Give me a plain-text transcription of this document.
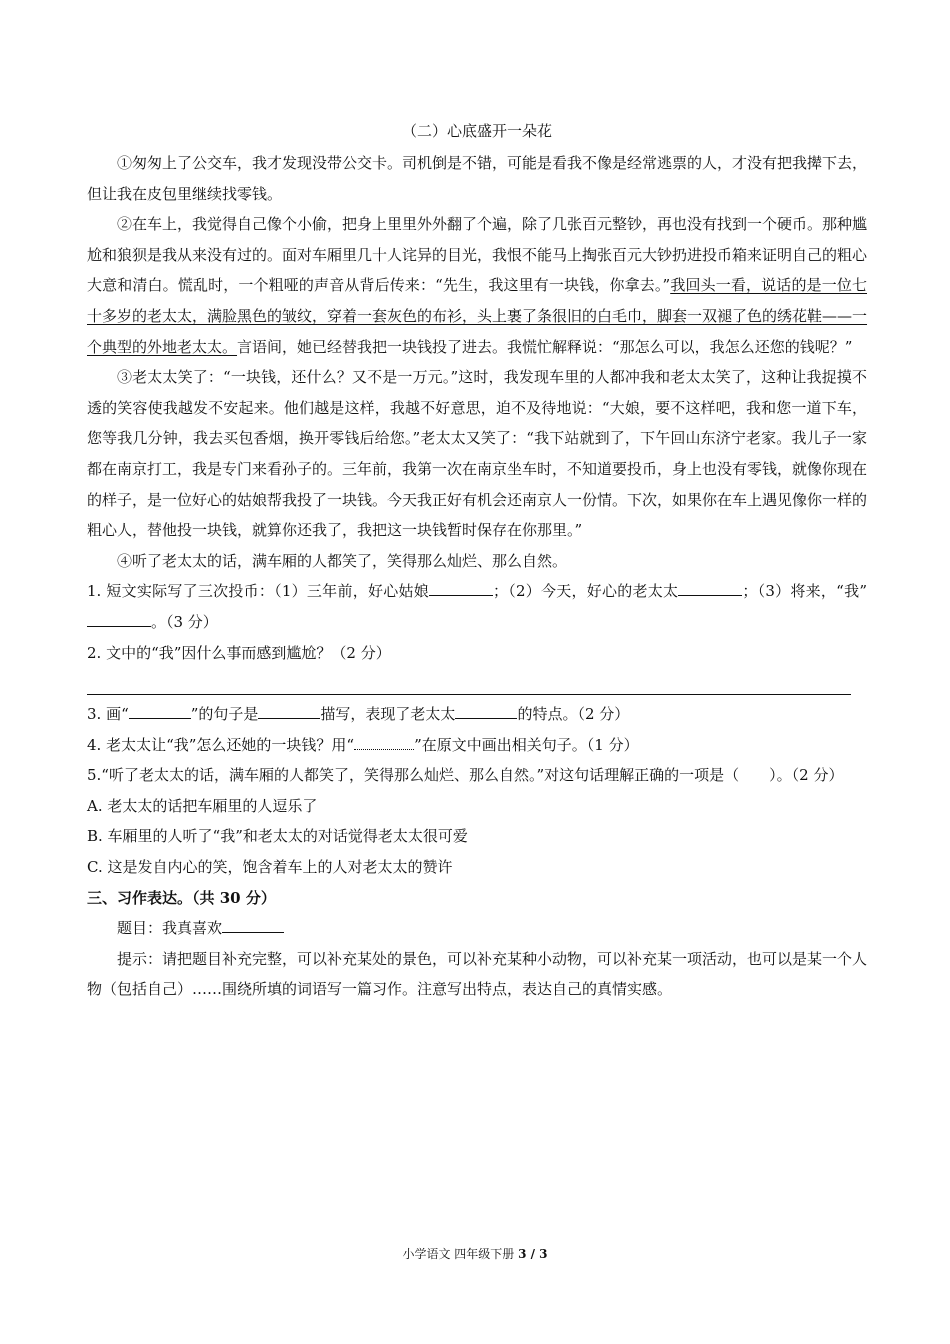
（二）心底盛开一朵花

①匆匆上了公交车，我才发现没带公交卡。司机倒是不错，可能是看我不像是经常逃票的人，才没有把我撵下去，但让我在皮包里继续找零钱。

②在车上，我觉得自己像个小偷，把身上里里外外翻了个遍，除了几张百元整钞，再也没有找到一个硬币。那种尴尬和狼狈是我从来没有过的。面对车厢里几十人诧异的目光，我恨不能马上掏张百元大钞扔进投币箱来证明自己的粗心大意和清白。慌乱时，一个粗哑的声音从背后传来：“先生，我这里有一块钱，你拿去。”我回头一看，说话的是一位七十多岁的老太太，满脸黑色的皱纹，穿着一套灰色的布衫，头上裹了条很旧的白毛巾，脚套一双褪了色的绣花鞋——一个典型的外地老太太。言语间，她已经替我把一块钱投了进去。我慌忙解释说：“那怎么可以，我怎么还您的钱呢？”

③老太太笑了：“一块钱，还什么？又不是一万元。”这时，我发现车里的人都冲我和老太太笑了，这种让我捉摸不透的笑容使我越发不安起来。他们越是这样，我越不好意思，迫不及待地说：“大娘，要不这样吧，我和您一道下车，您等我几分钟，我去买包香烟，换开零钱后给您。”老太太又笑了：“我下站就到了，下午回山东济宁老家。我儿子一家都在南京打工，我是专门来看孙子的。三年前，我第一次在南京坐车时，不知道要投币，身上也没有零钱，就像你现在的样子，是一位好心的姑娘帮我投了一块钱。今天我正好有机会还南京人一份情。下次，如果你在车上遇见像你一样的粗心人，替他投一块钱，就算你还我了，我把这一块钱暂时保存在你那里。”

④听了老太太的话，满车厢的人都笑了，笑得那么灿烂、那么自然。

1. 短文实际写了三次投币：（1）三年前，好心姑娘	；（2）今天，好心的老太太	；（3）将来，“我”。（3 分）

2. 文中的“我”因什么事而感到尴尬？（2 分）

3. 画“	”的句子是	描写，表现了老太太	的特点。（2 分）

4. 老太太让“我”怎么还她的一块钱？用“	”在原文中画出相关句子。（1 分）

5.“听了老太太的话，满车厢的人都笑了，笑得那么灿烂、那么自然。”对这句话理解正确的一项是（　　）。（2 分）

A. 老太太的话把车厢里的人逗乐了

B. 车厢里的人听了“我”和老太太的对话觉得老太太很可爱

C. 这是发自内心的笑，饱含着车上的人对老太太的赞许

三、习作表达。（共 30 分）

题目：我真喜欢

提示：请把题目补充完整，可以补充某处的景色，可以补充某种小动物，可以补充某一项活动，也可以是某一个人物（包括自己）……围绕所填的词语写一篇习作。注意写出特点，表达自己的真情实感。

小学语文 四年级下册 3 / 3
